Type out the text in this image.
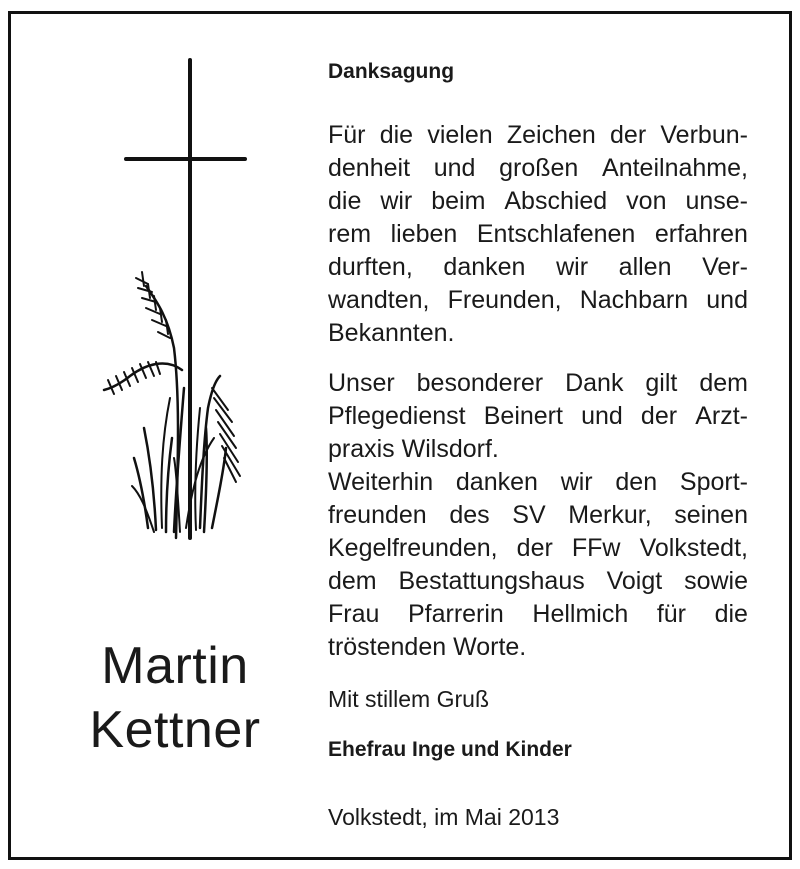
Martin
Kettner
Danksagung
Für die vielen Zeichen der Verbun-
denheit und großen Anteilnahme,
die wir beim Abschied von unse-
rem lieben Entschlafenen erfahren
durften, danken wir allen Ver-
wandten, Freunden, Nachbarn und
Bekannten.
Unser besonderer Dank gilt dem
Pflegedienst Beinert und der Arzt-
praxis Wilsdorf.
Weiterhin danken wir den Sport-
freunden des SV Merkur, seinen
Kegelfreunden, der FFw Volkstedt,
dem Bestattungshaus Voigt sowie
Frau Pfarrerin Hellmich für die
tröstenden Worte.
Mit stillem Gruß
Ehefrau Inge und Kinder
Volkstedt, im Mai 2013
